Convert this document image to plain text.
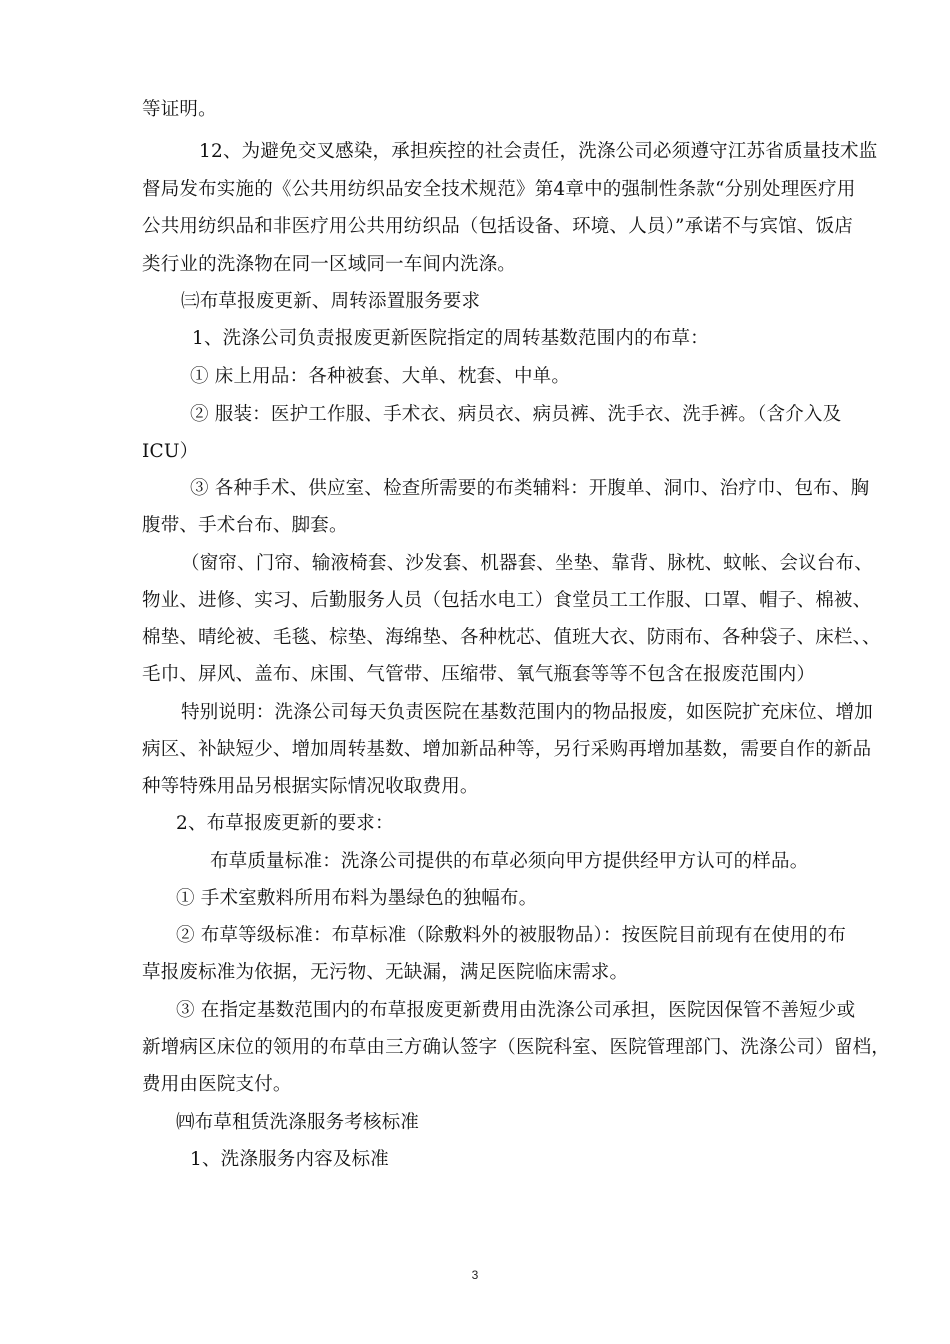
等证明。
12、为避免交叉感染，承担疾控的社会责任，洗涤公司必须遵守江苏省质量技术监
督局发布实施的《公共用纺织品安全技术规范》第4章中的强制性条款“分别处理医疗用
公共用纺织品和非医疗用公共用纺织品（包括设备、环境、人员）”承诺不与宾馆、饭店
类行业的洗涤物在同一区域同一车间内洗涤。
㈢布草报废更新、周转添置服务要求
1、洗涤公司负责报废更新医院指定的周转基数范围内的布草：
① 床上用品：各种被套、大单、枕套、中单。
② 服装：医护工作服、手术衣、病员衣、病员裤、洗手衣、洗手裤。（含介入及
ICU）
③ 各种手术、供应室、检查所需要的布类辅料：开腹单、洞巾、治疗巾、包布、胸
腹带、手术台布、脚套。
（窗帘、门帘、输液椅套、沙发套、机器套、坐垫、靠背、脉枕、蚊帐、会议台布、
物业、进修、实习、后勤服务人员（包括水电工）食堂员工工作服、口罩、帽子、棉被、
棉垫、晴纶被、毛毯、棕垫、海绵垫、各种枕芯、值班大衣、防雨布、各种袋子、床栏、、
毛巾、屏风、盖布、床围、气管带、压缩带、氧气瓶套等等不包含在报废范围内）
特别说明：洗涤公司每天负责医院在基数范围内的物品报废，如医院扩充床位、增加
病区、补缺短少、增加周转基数、增加新品种等，另行采购再增加基数，需要自作的新品
种等特殊用品另根据实际情况收取费用。
2、布草报废更新的要求：
布草质量标准：洗涤公司提供的布草必须向甲方提供经甲方认可的样品。
① 手术室敷料所用布料为墨绿色的独幅布。
② 布草等级标准：布草标准（除敷料外的被服物品）：按医院目前现有在使用的布
草报废标准为依据，无污物、无缺漏，满足医院临床需求。
③ 在指定基数范围内的布草报废更新费用由洗涤公司承担，医院因保管不善短少或
新增病区床位的领用的布草由三方确认签字（医院科室、医院管理部门、洗涤公司）留档，
费用由医院支付。
㈣布草租赁洗涤服务考核标准
1、洗涤服务内容及标准
3
